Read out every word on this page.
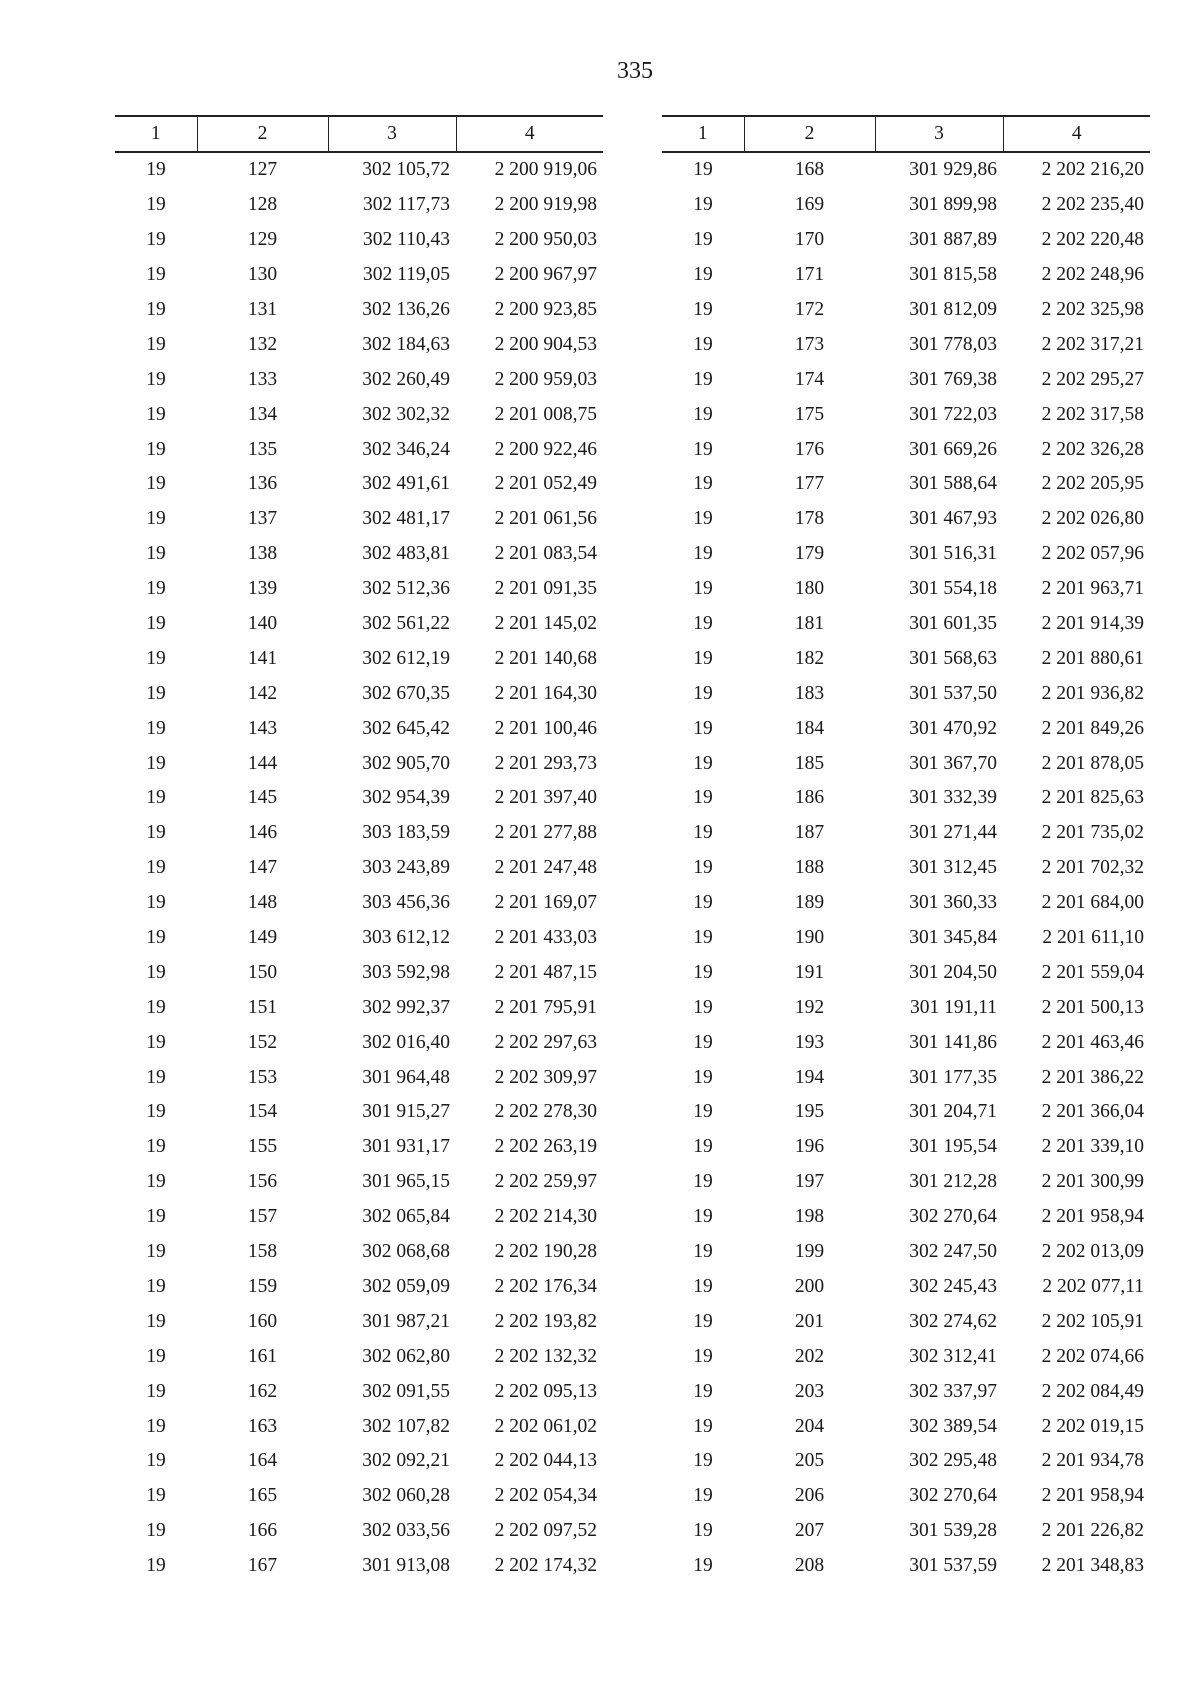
335
1	2	3	4
19	127	302 105,72	2 200 919,06
19	128	302 117,73	2 200 919,98
19	129	302 110,43	2 200 950,03
19	130	302 119,05	2 200 967,97
19	131	302 136,26	2 200 923,85
19	132	302 184,63	2 200 904,53
19	133	302 260,49	2 200 959,03
19	134	302 302,32	2 201 008,75
19	135	302 346,24	2 200 922,46
19	136	302 491,61	2 201 052,49
19	137	302 481,17	2 201 061,56
19	138	302 483,81	2 201 083,54
19	139	302 512,36	2 201 091,35
19	140	302 561,22	2 201 145,02
19	141	302 612,19	2 201 140,68
19	142	302 670,35	2 201 164,30
19	143	302 645,42	2 201 100,46
19	144	302 905,70	2 201 293,73
19	145	302 954,39	2 201 397,40
19	146	303 183,59	2 201 277,88
19	147	303 243,89	2 201 247,48
19	148	303 456,36	2 201 169,07
19	149	303 612,12	2 201 433,03
19	150	303 592,98	2 201 487,15
19	151	302 992,37	2 201 795,91
19	152	302 016,40	2 202 297,63
19	153	301 964,48	2 202 309,97
19	154	301 915,27	2 202 278,30
19	155	301 931,17	2 202 263,19
19	156	301 965,15	2 202 259,97
19	157	302 065,84	2 202 214,30
19	158	302 068,68	2 202 190,28
19	159	302 059,09	2 202 176,34
19	160	301 987,21	2 202 193,82
19	161	302 062,80	2 202 132,32
19	162	302 091,55	2 202 095,13
19	163	302 107,82	2 202 061,02
19	164	302 092,21	2 202 044,13
19	165	302 060,28	2 202 054,34
19	166	302 033,56	2 202 097,52
19	167	301 913,08	2 202 174,32
1	2	3	4
19	168	301 929,86	2 202 216,20
19	169	301 899,98	2 202 235,40
19	170	301 887,89	2 202 220,48
19	171	301 815,58	2 202 248,96
19	172	301 812,09	2 202 325,98
19	173	301 778,03	2 202 317,21
19	174	301 769,38	2 202 295,27
19	175	301 722,03	2 202 317,58
19	176	301 669,26	2 202 326,28
19	177	301 588,64	2 202 205,95
19	178	301 467,93	2 202 026,80
19	179	301 516,31	2 202 057,96
19	180	301 554,18	2 201 963,71
19	181	301 601,35	2 201 914,39
19	182	301 568,63	2 201 880,61
19	183	301 537,50	2 201 936,82
19	184	301 470,92	2 201 849,26
19	185	301 367,70	2 201 878,05
19	186	301 332,39	2 201 825,63
19	187	301 271,44	2 201 735,02
19	188	301 312,45	2 201 702,32
19	189	301 360,33	2 201 684,00
19	190	301 345,84	2 201 611,10
19	191	301 204,50	2 201 559,04
19	192	301 191,11	2 201 500,13
19	193	301 141,86	2 201 463,46
19	194	301 177,35	2 201 386,22
19	195	301 204,71	2 201 366,04
19	196	301 195,54	2 201 339,10
19	197	301 212,28	2 201 300,99
19	198	302 270,64	2 201 958,94
19	199	302 247,50	2 202 013,09
19	200	302 245,43	2 202 077,11
19	201	302 274,62	2 202 105,91
19	202	302 312,41	2 202 074,66
19	203	302 337,97	2 202 084,49
19	204	302 389,54	2 202 019,15
19	205	302 295,48	2 201 934,78
19	206	302 270,64	2 201 958,94
19	207	301 539,28	2 201 226,82
19	208	301 537,59	2 201 348,83
